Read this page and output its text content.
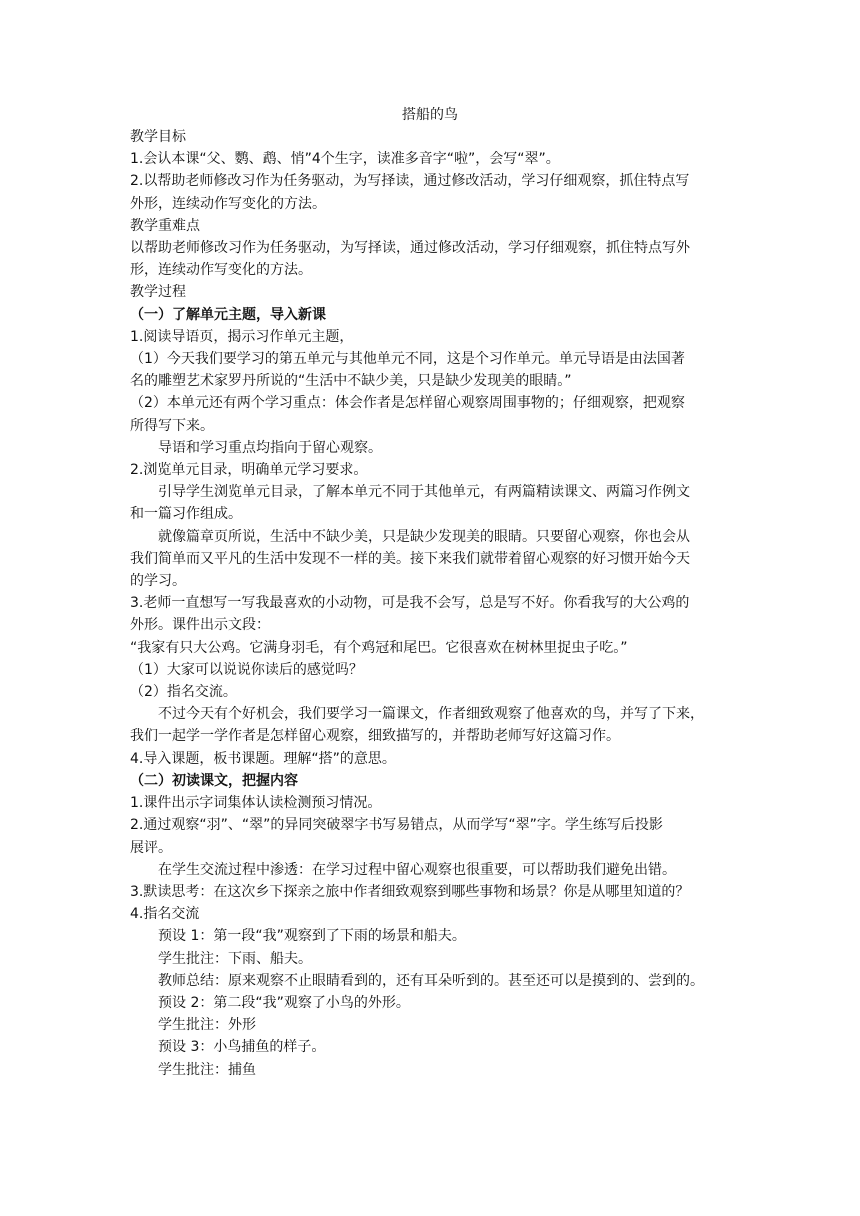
搭船的鸟

教学目标

1.会认本课“父、鹦、鹉、悄”4个生字，读准多音字“啦”，会写“翠”。

2.以帮助老师修改习作为任务驱动，为写择读，通过修改活动，学习仔细观察，抓住特点写

外形，连续动作写变化的方法。

教学重难点

以帮助老师修改习作为任务驱动，为写择读，通过修改活动，学习仔细观察，抓住特点写外

形，连续动作写变化的方法。

教学过程

（一）了解单元主题，导入新课

1.阅读导语页，揭示习作单元主题，

（1）今天我们要学习的第五单元与其他单元不同，这是个习作单元。单元导语是由法国著

名的雕塑艺术家罗丹所说的“生活中不缺少美，只是缺少发现美的眼睛。”

（2）本单元还有两个学习重点：体会作者是怎样留心观察周围事物的；仔细观察，把观察

所得写下来。

导语和学习重点均指向于留心观察。

2.浏览单元目录，明确单元学习要求。

引导学生浏览单元目录，了解本单元不同于其他单元，有两篇精读课文、两篇习作例文

和一篇习作组成。

就像篇章页所说，生活中不缺少美，只是缺少发现美的眼睛。只要留心观察，你也会从

我们简单而又平凡的生活中发现不一样的美。接下来我们就带着留心观察的好习惯开始今天

的学习。

3.老师一直想写一写我最喜欢的小动物，可是我不会写，总是写不好。你看我写的大公鸡的

外形。课件出示文段：

“我家有只大公鸡。它满身羽毛，有个鸡冠和尾巴。它很喜欢在树林里捉虫子吃。”

（1）大家可以说说你读后的感觉吗？

（2）指名交流。

不过今天有个好机会，我们要学习一篇课文，作者细致观察了他喜欢的鸟，并写了下来，

我们一起学一学作者是怎样留心观察，细致描写的，并帮助老师写好这篇习作。

4.导入课题，板书课题。理解“搭”的意思。

（二）初读课文，把握内容

1.课件出示字词集体认读检测预习情况。

2.通过观察“羽”、“翠”的异同突破翠字书写易错点，从而学写“翠”字。学生练写后投影

展评。

在学生交流过程中渗透：在学习过程中留心观察也很重要，可以帮助我们避免出错。

3.默读思考：在这次乡下探亲之旅中作者细致观察到哪些事物和场景？你是从哪里知道的？

4.指名交流

预设 1：第一段“我”观察到了下雨的场景和船夫。

学生批注：下雨、船夫。

教师总结：原来观察不止眼睛看到的，还有耳朵听到的。甚至还可以是摸到的、尝到的。

预设 2：第二段“我”观察了小鸟的外形。

学生批注：外形

预设 3：小鸟捕鱼的样子。

学生批注：捕鱼
